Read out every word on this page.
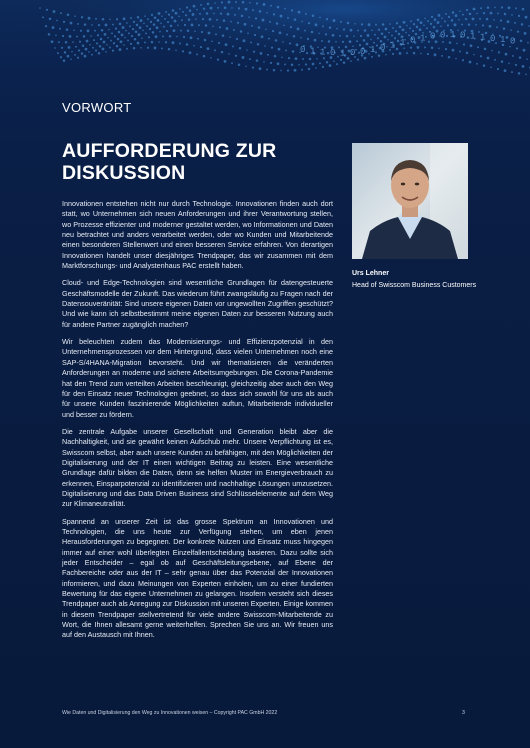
0 1 1 0 1 0 0 1 0 1 1 0 1 0 0 1 0 1 1 0 1 0
VORWORT
AUFFORDERUNG ZUR
DISKUSSION

Innovationen entstehen nicht nur durch Technologie. Innovationen finden auch dort statt, wo Unternehmen sich neuen Anforderungen und ihrer Verantwortung stellen, wo Prozesse effizienter und moderner gestaltet werden, wo Informationen und Daten neu betrachtet und anders verarbeitet werden, oder wo Kunden und Mitarbeitende einen besonderen Stellenwert und einen besseren Service erfahren. Von derartigen Innovationen handelt unser diesjähriges Trendpaper, das wir zusammen mit dem Marktforschungs- und Analystenhaus PAC erstellt haben.

Cloud- und Edge-Technologien sind wesentliche Grundlagen für datengesteuerte Geschäftsmodelle der Zukunft. Das wiederum führt zwangsläufig zu Fragen nach der Datensouveränität: Sind unsere eigenen Daten vor ungewollten Zugriffen geschützt? Und wie kann ich selbstbestimmt meine eigenen Daten zur besseren Nutzung auch für andere Partner zugänglich machen?

Wir beleuchten zudem das Modernisierungs- und Effizienzpotenzial in den Unternehmensprozessen vor dem Hintergrund, dass vielen Unternehmen noch eine SAP-S/4HANA-Migration bevorsteht. Und wir thematisieren die veränderten Anforderungen an moderne und sichere Arbeitsumgebungen. Die Corona-Pandemie hat den Trend zum verteilten Arbeiten beschleunigt, gleichzeitig aber auch den Weg für den Einsatz neuer Technologien geebnet, so dass sich sowohl für uns als auch für unsere Kunden faszinierende Möglichkeiten auftun, Mitarbeitende individueller und besser zu fördern.

Die zentrale Aufgabe unserer Gesellschaft und Generation bleibt aber die Nachhaltigkeit, und sie gewährt keinen Aufschub mehr. Unsere Verpflichtung ist es, Swisscom selbst, aber auch unsere Kunden zu befähigen, mit den Möglichkeiten der Digitalisierung und der IT einen wichtigen Beitrag zu leisten. Eine wesentliche Grundlage dafür bilden die Daten, denn sie helfen Muster im Energieverbrauch zu erkennen, Einsparpotenzial zu identifizieren und nachhaltige Lösungen umzusetzen. Digitalisierung und das Data Driven Business sind Schlüsselelemente auf dem Weg zur Klimaneutralität.

Spannend an unserer Zeit ist das grosse Spektrum an Innovationen und Technologien, die uns heute zur Verfügung stehen, um eben jenen Herausforderungen zu begegnen. Der konkrete Nutzen und Einsatz muss hingegen immer auf einer wohl überlegten Einzelfallentscheidung basieren. Dazu sollte sich jeder Entscheider – egal ob auf Geschäftsleitungsebene, auf Ebene der Fachbereiche oder aus der IT – sehr genau über das Potenzial der Innovationen informieren, und dazu Meinungen von Experten einholen, um zu einer fundierten Bewertung für das eigene Unternehmen zu gelangen. Insofern versteht sich dieses Trendpaper auch als Anregung zur Diskussion mit unseren Experten. Einige kommen in diesem Trendpaper stellvertretend für viele andere Swisscom-Mitarbeitende zu Wort, die Ihnen allesamt gerne weiterhelfen. Sprechen Sie uns an. Wir freuen uns auf den Austausch mit Ihnen.

Urs Lehner
Head of Swisscom Business Customers
Wie Daten und Digitalisierung den Weg zu Innovationen weisen – Copyright PAC GmbH 2022	3
